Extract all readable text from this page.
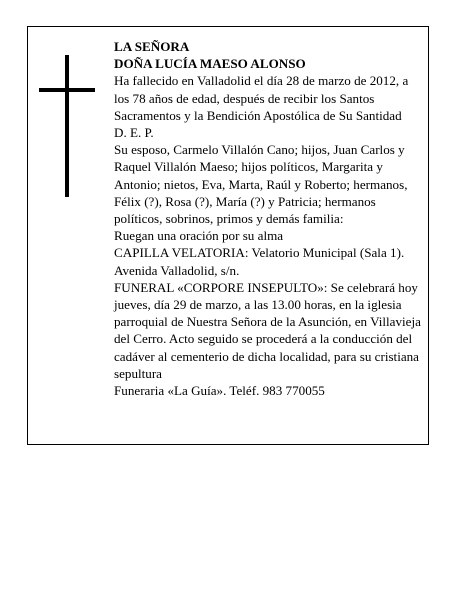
LA SEÑORA

DOÑA LUCÍA MAESO ALONSO

Ha fallecido en Valladolid el día 28 de marzo de 2012, a los 78 años de edad, después de recibir los Santos Sacramentos y la Bendición Apostólica de Su Santidad

D. E. P.

Su esposo, Carmelo Villalón Cano; hijos, Juan Carlos y Raquel Villalón Maeso; hijos políticos, Margarita y Antonio; nietos, Eva, Marta, Raúl y Roberto; hermanos, Félix (?), Rosa (?), María (?) y Patricia; hermanos políticos, sobrinos, primos y demás familia:

Ruegan una oración por su alma

CAPILLA VELATORIA: Velatorio Municipal (Sala 1). Avenida Valladolid, s/n.

FUNERAL «CORPORE INSEPULTO»: Se celebrará hoy jueves, día 29 de marzo, a las 13.00 horas, en la iglesia parroquial de Nuestra Señora de la Asunción, en Villavieja del Cerro. Acto seguido se procederá a la conducción del cadáver al cementerio de dicha localidad, para su cristiana sepultura

Funeraria «La Guía». Teléf. 983 770055
